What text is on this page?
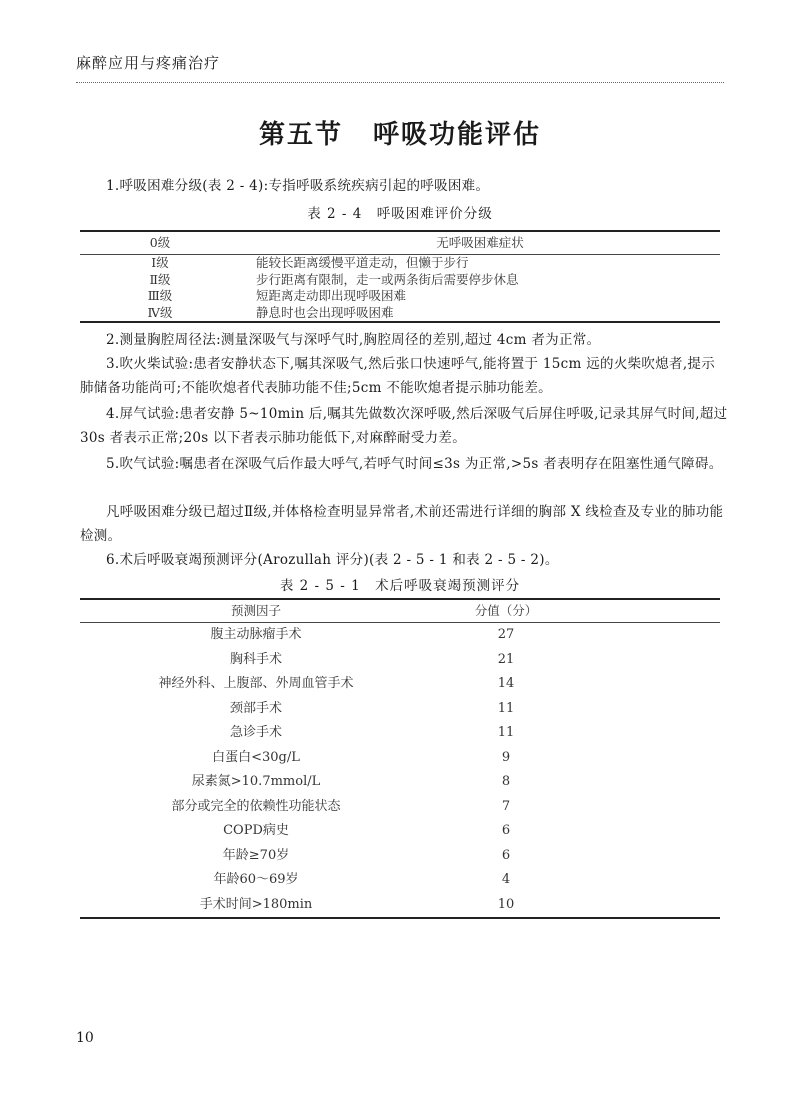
麻醉应用与疼痛治疗
第五节 呼吸功能评估

1.呼吸困难分级(表 2 - 4):专指呼吸系统疾病引起的呼吸困难。

表 2 - 4　呼吸困难评价分级
0级	无呼吸困难症状
Ⅰ级	能较长距离缓慢平道走动，但懒于步行
Ⅱ级	步行距离有限制，走一或两条街后需要停步休息
Ⅲ级	短距离走动即出现呼吸困难
Ⅳ级	静息时也会出现呼吸困难

2.测量胸腔周径法:测量深吸气与深呼气时,胸腔周径的差别,超过 4cm 者为正常。

3.吹火柴试验:患者安静状态下,嘱其深吸气,然后张口快速呼气,能将置于 15cm 远的火柴吹熄者,提示肺储备功能尚可;不能吹熄者代表肺功能不佳;5cm 不能吹熄者提示肺功能差。

4.屏气试验:患者安静 5~10min 后,嘱其先做数次深呼吸,然后深吸气后屏住呼吸,记录其屏气时间,超过 30s 者表示正常;20s 以下者表示肺功能低下,对麻醉耐受力差。

5.吹气试验:嘱患者在深吸气后作最大呼气,若呼气时间≤3s 为正常,>5s 者表明存在阻塞性通气障碍。

凡呼吸困难分级已超过Ⅱ级,并体格检查明显异常者,术前还需进行详细的胸部 X 线检查及专业的肺功能检测。

6.术后呼吸衰竭预测评分(Arozullah 评分)(表 2 - 5 - 1 和表 2 - 5 - 2)。

表 2 - 5 - 1　术后呼吸衰竭预测评分
预测因子	分值（分）
腹主动脉瘤手术	27
胸科手术	21
神经外科、上腹部、外周血管手术	14
颈部手术	11
急诊手术	11
白蛋白<30g/L	9
尿素氮>10.7mmol/L	8
部分或完全的依赖性功能状态	7
COPD病史	6
年龄≥70岁	6
年龄60～69岁	4
手术时间>180min	10
10
